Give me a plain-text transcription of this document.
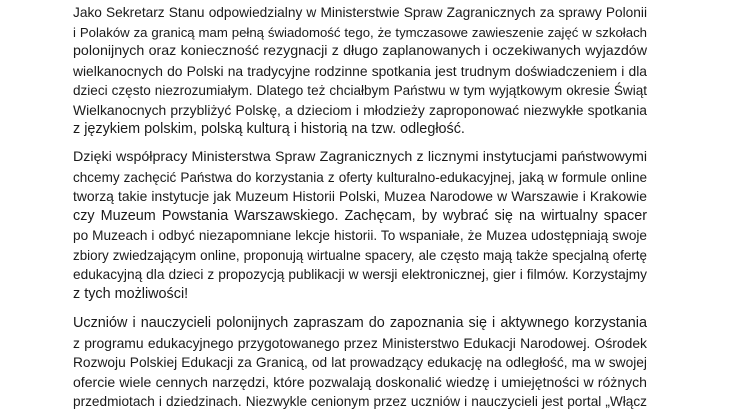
Jako Sekretarz Stanu odpowiedzialny w Ministerstwie Spraw Zagranicznych za sprawy Polonii
i Polaków za granicą mam pełną świadomość tego, że tymczasowe zawieszenie zajęć w szkołach
polonijnych oraz konieczność rezygnacji z długo zaplanowanych i oczekiwanych wyjazdów
wielkanocnych do Polski na tradycyjne rodzinne spotkania jest trudnym doświadczeniem i dla
dzieci często niezrozumiałym. Dlatego też chciałbym Państwu w tym wyjątkowym okresie Świąt
Wielkanocnych przybliżyć Polskę, a dzieciom i młodzieży zaproponować niezwykłe spotkania
z językiem polskim, polską kulturą i historią na tzw. odległość.
Dzięki współpracy Ministerstwa Spraw Zagranicznych z licznymi instytucjami państwowymi
chcemy zachęcić Państwa do korzystania z oferty kulturalno-edukacyjnej, jaką w formule online
tworzą takie instytucje jak Muzeum Historii Polski, Muzea Narodowe w Warszawie i Krakowie
czy Muzeum Powstania Warszawskiego. Zachęcam, by wybrać się na wirtualny spacer
po Muzeach i odbyć niezapomniane lekcje historii. To wspaniałe, że Muzea udostępniają swoje
zbiory zwiedzającym online, proponują wirtualne spacery, ale często mają także specjalną ofertę
edukacyjną dla dzieci z propozycją publikacji w wersji elektronicznej, gier i filmów. Korzystajmy
z tych możliwości!
Uczniów i nauczycieli polonijnych zapraszam do zapoznania się i aktywnego korzystania
z programu edukacyjnego przygotowanego przez Ministerstwo Edukacji Narodowej. Ośrodek
Rozwoju Polskiej Edukacji za Granicą, od lat prowadzący edukację na odległość, ma w swojej
ofercie wiele cennych narzędzi, które pozwalają doskonalić wiedzę i umiejętności w różnych
przedmiotach i dziedzinach. Niezwykle cenionym przez uczniów i nauczycieli jest portal „Włącz
